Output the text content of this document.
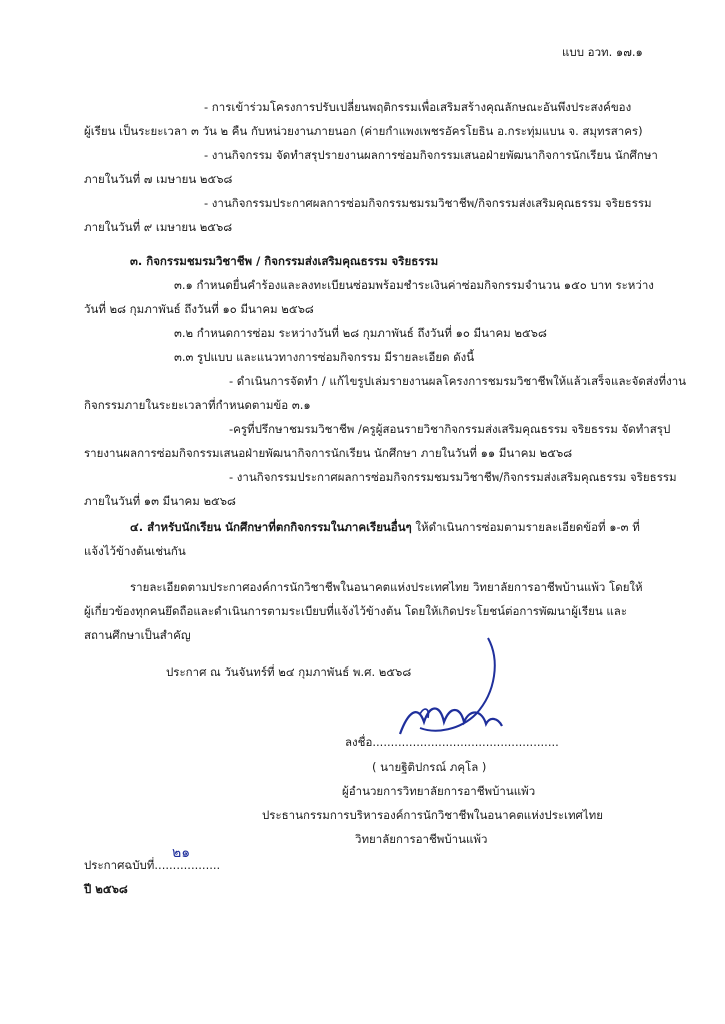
แบบ อวท. ๑๗.๑
- การเข้าร่วมโครงการปรับเปลี่ยนพฤติกรรมเพื่อเสริมสร้างคุณลักษณะอันพึงประสงค์ของ
ผู้เรียน เป็นระยะเวลา ๓ วัน ๒ คืน กับหน่วยงานภายนอก (ค่ายกำแพงเพชรอัครโยธิน อ.กระทุ่มแบน จ. สมุทรสาคร)
- งานกิจกรรม จัดทำสรุปรายงานผลการซ่อมกิจกรรมเสนอฝ่ายพัฒนากิจการนักเรียน นักศึกษา
ภายในวันที่ ๗ เมษายน ๒๕๖๘
- งานกิจกรรมประกาศผลการซ่อมกิจกรรมชมรมวิชาชีพ/กิจกรรมส่งเสริมคุณธรรม จริยธรรม
ภายในวันที่ ๙ เมษายน ๒๕๖๘
๓. กิจกรรมชมรมวิชาชีพ / กิจกรรมส่งเสริมคุณธรรม จริยธรรม
๓.๑ กำหนดยื่นคำร้องและลงทะเบียนซ่อมพร้อมชำระเงินค่าซ่อมกิจกรรมจำนวน ๑๕๐ บาท ระหว่าง
วันที่ ๒๘ กุมภาพันธ์ ถึงวันที่ ๑๐ มีนาคม ๒๕๖๘
๓.๒ กำหนดการซ่อม ระหว่างวันที่ ๒๘ กุมภาพันธ์ ถึงวันที่ ๑๐ มีนาคม ๒๕๖๘
๓.๓ รูปแบบ และแนวทางการซ่อมกิจกรรม มีรายละเอียด ดังนี้
- ดำเนินการจัดทำ / แก้ไขรูปเล่มรายงานผลโครงการชมรมวิชาชีพให้แล้วเสร็จและจัดส่งที่งาน
กิจกรรมภายในระยะเวลาที่กำหนดตามข้อ ๓.๑
-ครูที่ปรึกษาชมรมวิชาชีพ /ครูผู้สอนรายวิชากิจกรรมส่งเสริมคุณธรรม จริยธรรม จัดทำสรุป
รายงานผลการซ่อมกิจกรรมเสนอฝ่ายพัฒนากิจการนักเรียน นักศึกษา ภายในวันที่ ๑๑ มีนาคม ๒๕๖๘
- งานกิจกรรมประกาศผลการซ่อมกิจกรรมชมรมวิชาชีพ/กิจกรรมส่งเสริมคุณธรรม จริยธรรม
ภายในวันที่ ๑๓ มีนาคม ๒๕๖๘
๔. สำหรับนักเรียน นักศึกษาที่ตกกิจกรรมในภาคเรียนอื่นๆ ให้ดำเนินการซ่อมตามรายละเอียดข้อที่ ๑-๓ ที่
แจ้งไว้ข้างต้นเช่นกัน
รายละเอียดตามประกาศองค์การนักวิชาชีพในอนาคตแห่งประเทศไทย วิทยาลัยการอาชีพบ้านแพ้ว โดยให้
ผู้เกี่ยวข้องทุกคนยึดถือและดำเนินการตามระเบียบที่แจ้งไว้ข้างต้น โดยให้เกิดประโยชน์ต่อการพัฒนาผู้เรียน และ
สถานศึกษาเป็นสำคัญ
ประกาศ ณ วันจันทร์ที่ ๒๔ กุมภาพันธ์ พ.ศ. ๒๕๖๘
ลงชื่อ...................................................
( นายฐิติปกรณ์ ภคุโล )
ผู้อำนวยการวิทยาลัยการอาชีพบ้านแพ้ว
ประธานกรรมการบริหารองค์การนักวิชาชีพในอนาคตแห่งประเทศไทย
วิทยาลัยการอาชีพบ้านแพ้ว
ประกาศฉบับที่..................
๒๑
ปี ๒๕๖๘
